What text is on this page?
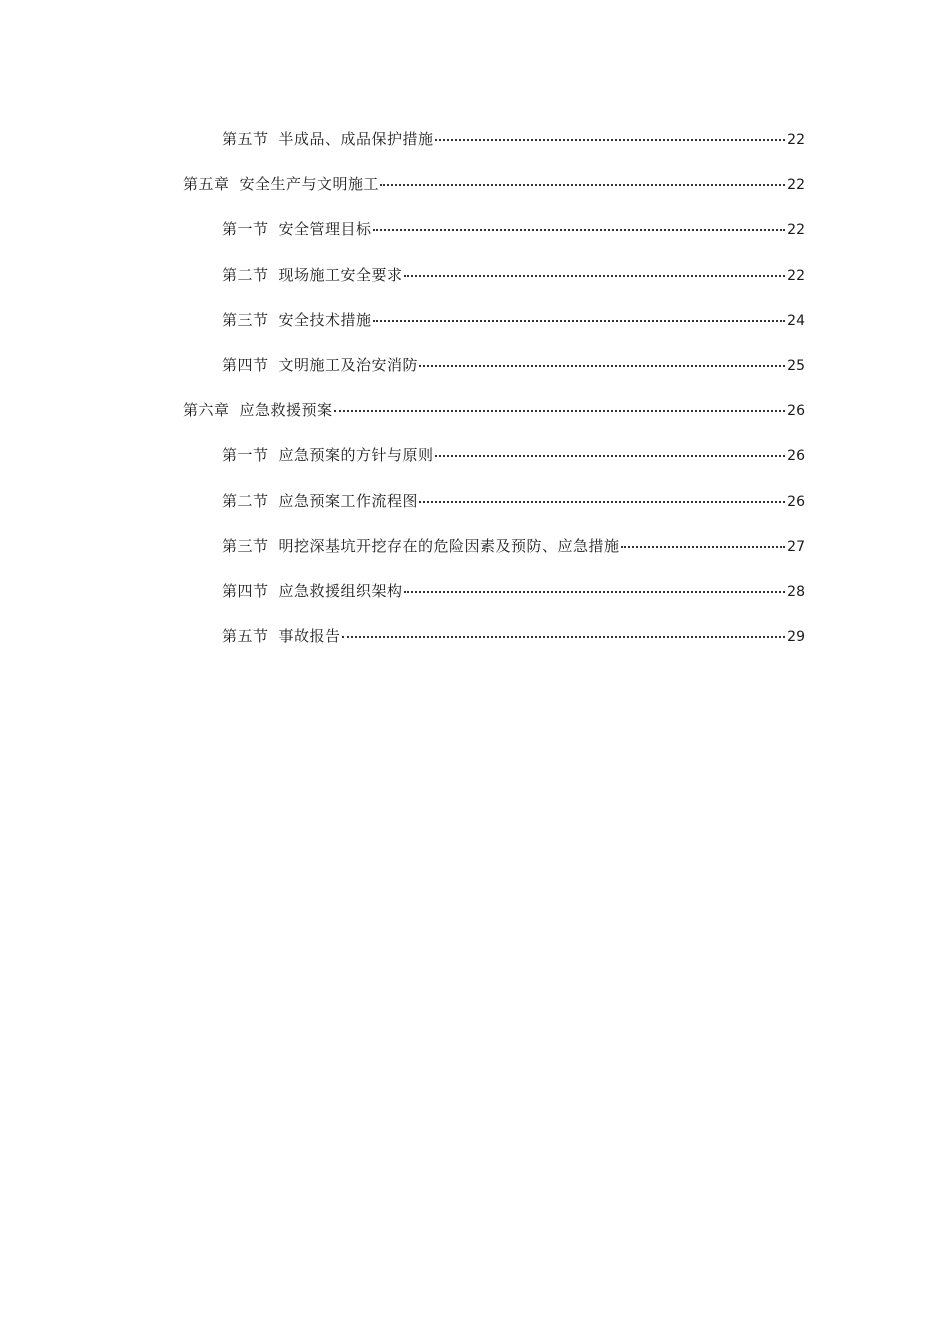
第五节 半成品、成品保护措施	22
第五章 安全生产与文明施工	22
第一节 安全管理目标	22
第二节 现场施工安全要求	22
第三节 安全技术措施	24
第四节 文明施工及治安消防	25
第六章 应急救援预案	26
第一节 应急预案的方针与原则	26
第二节 应急预案工作流程图	26
第三节 明挖深基坑开挖存在的危险因素及预防、应急措施	27
第四节 应急救援组织架构	28
第五节 事故报告	29
